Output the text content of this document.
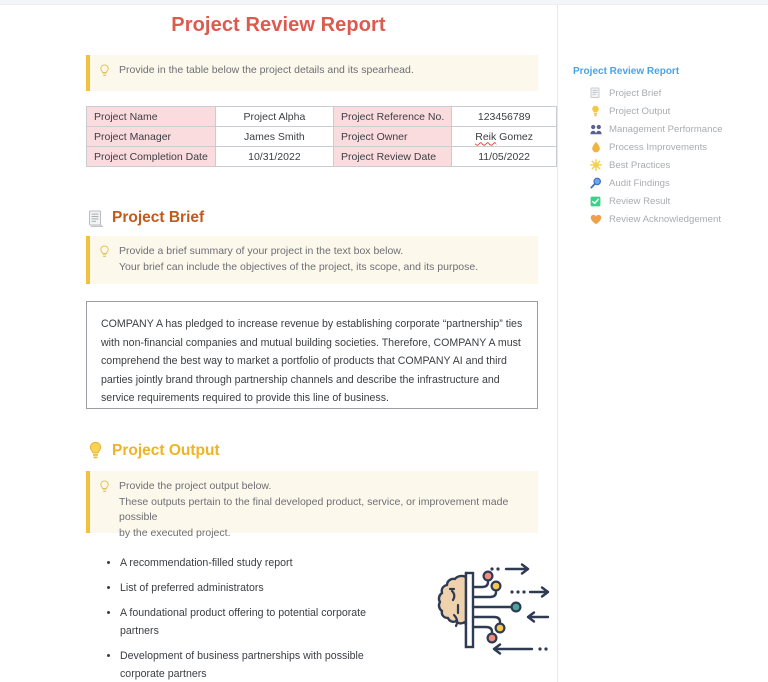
Project Review Report
Provide in the table below the project details and its spearhead.
Project Name	Project Alpha	Project Reference No.	123456789
Project Manager	James Smith	Project Owner	Reik Gomez
Project Completion Date	10/31/2022	Project Review Date	11/05/2022
Project Brief
Provide a brief summary of your project in the text box below.
Your brief can include the objectives of the project, its scope, and its purpose.
COMPANY A has pledged to increase revenue by establishing corporate “partnership” ties with non-financial companies and mutual building societies. Therefore, COMPANY A must comprehend the best way to market a portfolio of products that COMPANY AI and third parties jointly brand through partnership channels and describe the infrastructure and service requirements required to provide this line of business.
Project Output
Provide the project output below.
These outputs pertain to the final developed product, service, or improvement made possible
by the executed project.
• A recommendation-filled study report
• List of preferred administrators
• A foundational product offering to potential corporate partners
• Development of business partnerships with possible corporate partners
Project Review Report
Project Brief
Project Output
Management Performance
Process Improvements
Best Practices
Audit Findings
Review Result
Review Acknowledgement
